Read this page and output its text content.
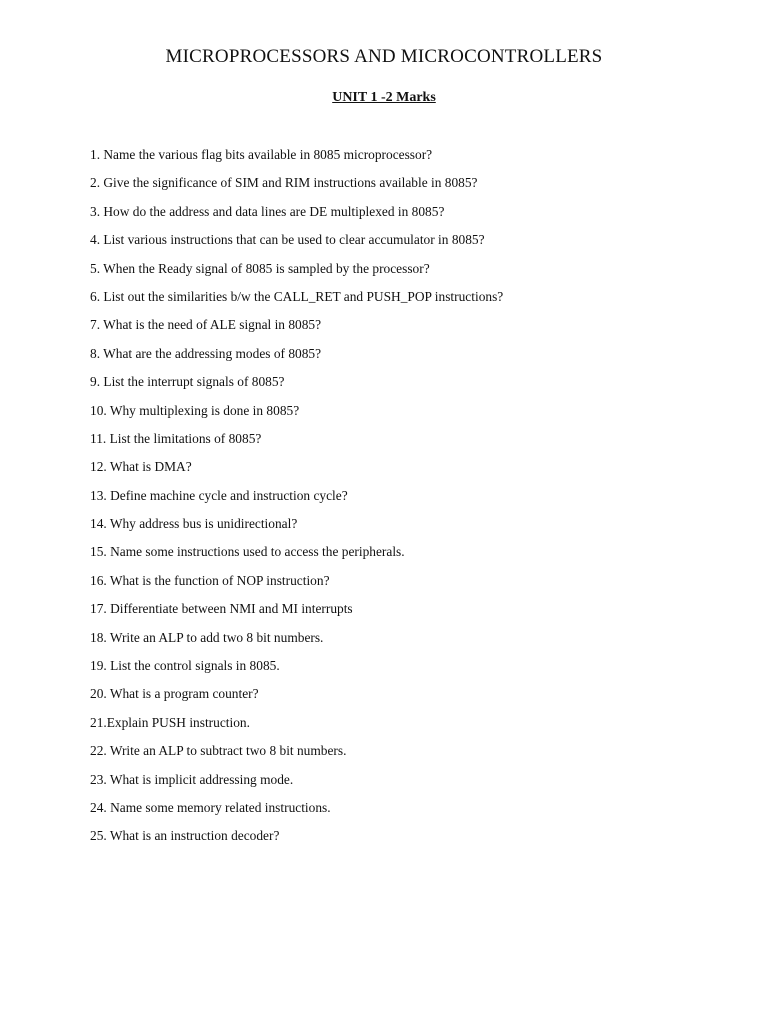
MICROPROCESSORS AND MICROCONTROLLERS
UNIT 1 -2 Marks
1. Name the various flag bits available in 8085 microprocessor?
2. Give the significance of SIM and RIM instructions available in 8085?
3. How do the address and data lines are DE multiplexed in 8085?
4. List various instructions that can be used to clear accumulator in 8085?
5. When the Ready signal of 8085 is sampled by the processor?
6. List out the similarities b/w the CALL_RET and PUSH_POP instructions?
7. What is the need of ALE signal in 8085?
8. What are the addressing modes of 8085?
9. List the interrupt signals of 8085?
10. Why multiplexing is done in 8085?
11. List the limitations of 8085?
12. What is DMA?
13. Define machine cycle and instruction cycle?
14. Why address bus is unidirectional?
15. Name some instructions used to access the peripherals.
16. What is the function of NOP instruction?
17. Differentiate between NMI and MI interrupts
18. Write an ALP to add two 8 bit numbers.
19. List the control signals in 8085.
20. What is a program counter?
21.Explain PUSH instruction.
22. Write an ALP to subtract two 8 bit numbers.
23. What is implicit addressing mode.
24. Name some memory related instructions.
25. What is an instruction decoder?
